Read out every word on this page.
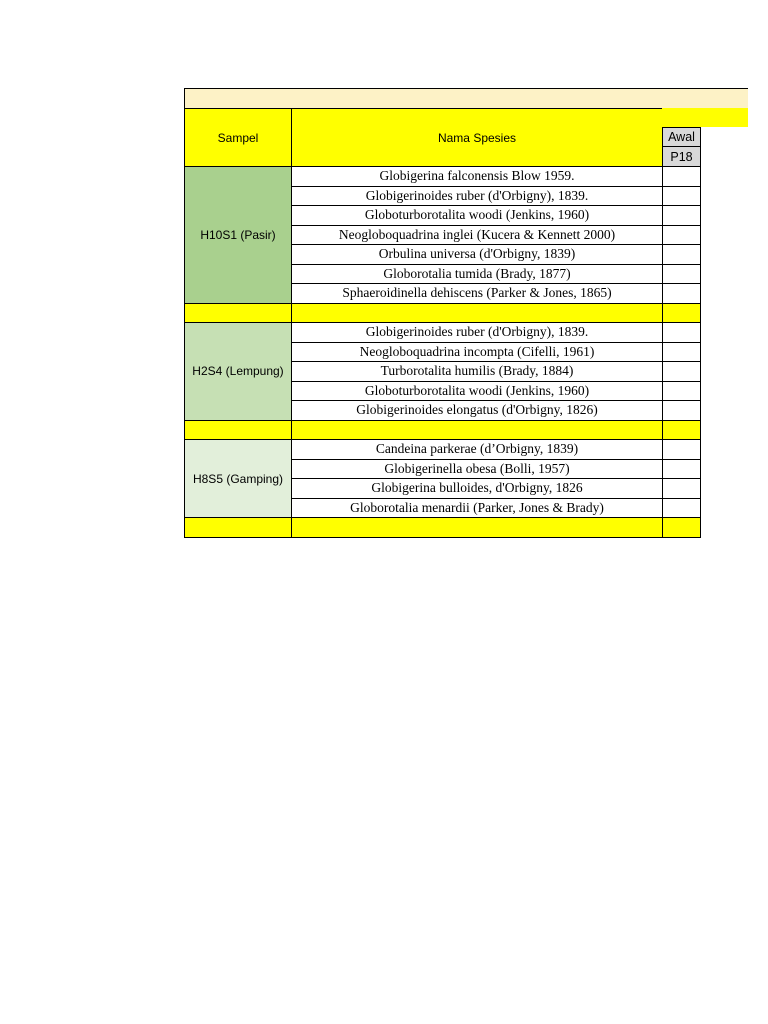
Sampel	Nama Spesies	Awal
P18
H10S1 (Pasir)
Globigerina falconensis Blow 1959.
Globigerinoides ruber (d'Orbigny), 1839.
Globoturborotalita woodi (Jenkins, 1960)
Neogloboquadrina inglei (Kucera & Kennett 2000)
Orbulina universa (d'Orbigny, 1839)
Globorotalia tumida (Brady, 1877)
Sphaeroidinella dehiscens (Parker & Jones, 1865)
H2S4 (Lempung)
Globigerinoides ruber (d'Orbigny), 1839.
Neogloboquadrina incompta (Cifelli, 1961)
Turborotalita humilis (Brady, 1884)
Globoturborotalita woodi (Jenkins, 1960)
Globigerinoides elongatus (d'Orbigny, 1826)
H8S5 (Gamping)
Candeina parkerae (d’Orbigny, 1839)
Globigerinella obesa (Bolli, 1957)
Globigerina bulloides, d'Orbigny, 1826
Globorotalia menardii (Parker, Jones & Brady)
